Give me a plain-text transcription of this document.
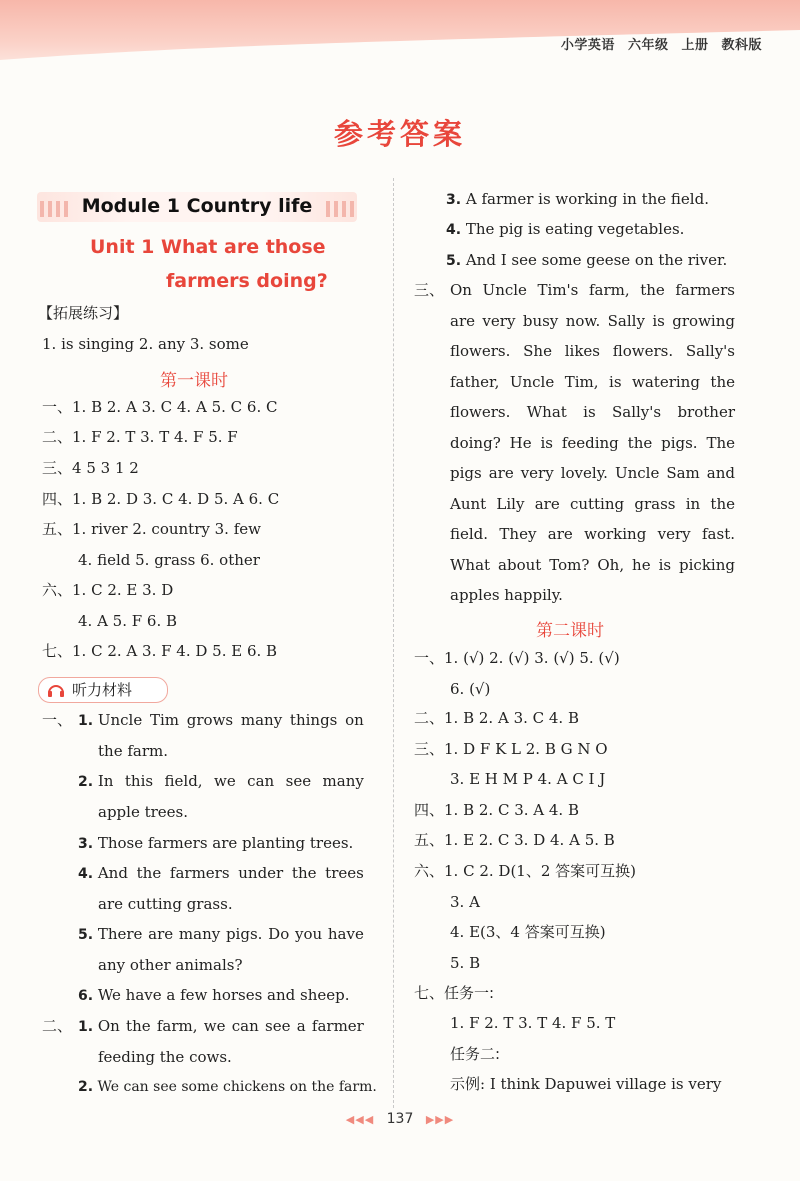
小学英语 六年级 上册 教科版
参考答案
Module 1 Country life
Unit 1 What are those
farmers doing?
【拓展练习】
1. is singing 2. any 3. some
第一课时
一、1. B 2. A 3. C 4. A 5. C 6. C
二、1. F 2. T 3. T 4. F 5. F
三、4 5 3 1 2
四、1. B 2. D 3. C 4. D 5. A 6. C
五、1. river 2. country 3. few
4. field 5. grass 6. other
六、1. C 2. E 3. D
4. A 5. F 6. B
七、1. C 2. A 3. F 4. D 5. E 6. B
听力材料
一、 1. Uncle Tim grows many things on
the farm.
2. In this field, we can see many
apple trees.
3. Those farmers are planting trees.
4. And the farmers under the trees
are cutting grass.
5. There are many pigs. Do you have
any other animals?
6. We have a few horses and sheep.
二、 1. On the farm, we can see a farmer
feeding the cows.
2. We can see some chickens on the farm.
3. A farmer is working in the field.
4. The pig is eating vegetables.
5. And I see some geese on the river.
三、 On Uncle Tim's farm, the farmers
are very busy now. Sally is growing
flowers. She likes flowers. Sally's
father, Uncle Tim, is watering the
flowers. What is Sally's brother
doing? He is feeding the pigs. The
pigs are very lovely. Uncle Sam and
Aunt Lily are cutting grass in the
field. They are working very fast.
What about Tom? Oh, he is picking
apples happily.
第二课时
一、1. (√) 2. (√) 3. (√) 5. (√)
6. (√)
二、1. B 2. A 3. C 4. B
三、1. D F K L 2. B G N O
3. E H M P 4. A C I J
四、1. B 2. C 3. A 4. B
五、1. E 2. C 3. D 4. A 5. B
六、1. C 2. D(1、2 答案可互换)
3. A
4. E(3、4 答案可互换)
5. B
七、任务一:
1. F 2. T 3. T 4. F 5. T
任务二:
示例: I think Dapuwei village is very
◀◀◀ 137 ▶▶▶
